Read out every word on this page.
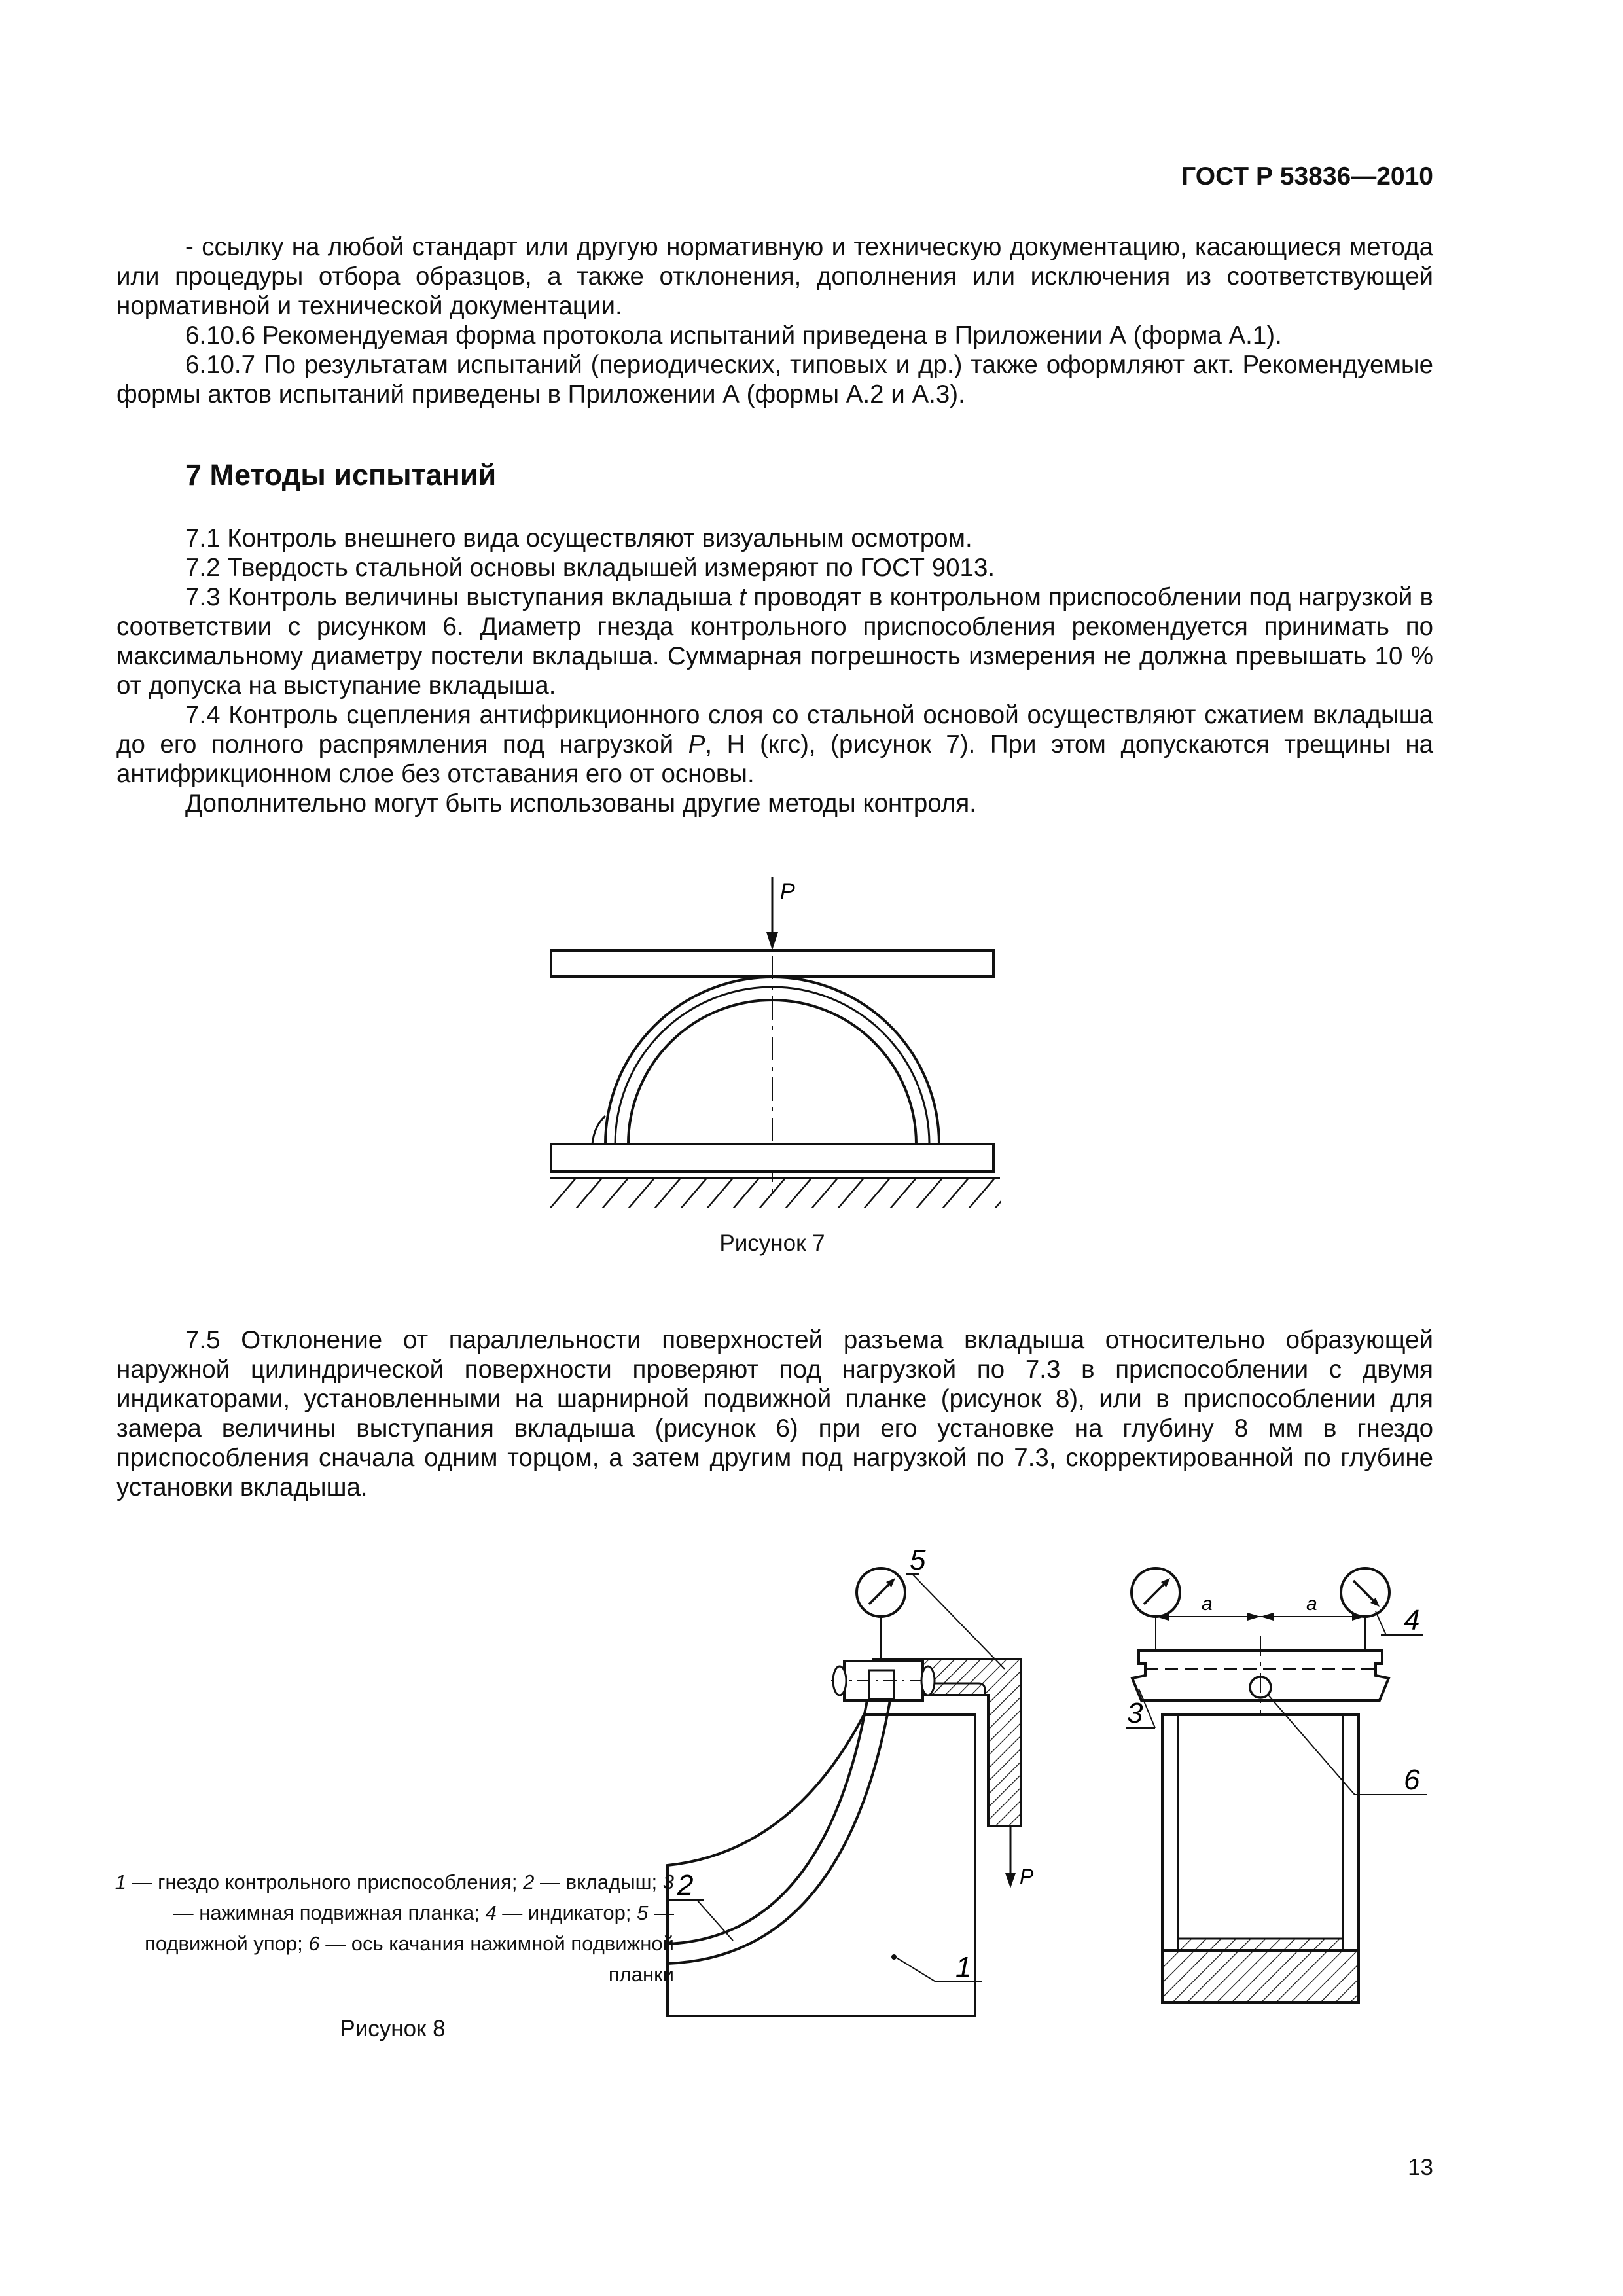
ГОСТ Р 53836—2010

- ссылку на любой стандарт или другую нормативную и техническую документацию, касающиеся метода или процедуры отбора образцов, а также отклонения, дополнения или исключения из соответствующей нормативной и технической документации.

6.10.6 Рекомендуемая форма протокола испытаний приведена в Приложении А (форма А.1).

6.10.7 По результатам испытаний (периодических, типовых и др.) также оформляют акт. Рекомендуемые формы актов испытаний приведены в Приложении А (формы А.2 и А.3).

7 Методы испытаний

7.1 Контроль внешнего вида осуществляют визуальным осмотром.

7.2 Твердость стальной основы вкладышей измеряют по ГОСТ 9013.

7.3 Контроль величины выступания вкладыша t проводят в контрольном приспособлении под нагрузкой в соответствии с рисунком 6. Диаметр гнезда контрольного приспособления рекомендуется принимать по максимальному диаметру постели вкладыша. Суммарная погрешность измерения не должна превышать 10 % от допуска на выступание вкладыша.

7.4 Контроль сцепления антифрикционного слоя со стальной основой осуществляют сжатием вкладыша до его полного распрямления под нагрузкой P, Н (кгс), (рисунок 7). При этом допускаются трещины на антифрикционном слое без отставания его от основы.

Дополнительно могут быть использованы другие методы контроля.

P
Рисунок 7

7.5 Отклонение от параллельности поверхностей разъема вкладыша относительно образующей наружной цилиндрической поверхности проверяют под нагрузкой по 7.3 в приспособлении с двумя индикаторами, установленными на шарнирной подвижной планке (рисунок 8), или в приспособлении для замера величины выступания вкладыша (рисунок 6) при его установке на глубину 8 мм в гнездо приспособления сначала одним торцом, а затем другим под нагрузкой по 7.3, скорректированной по глубине установки вкладыша.

P
5
2
1
a	a
4
3
6
1 — гнездо контрольного приспособления; 2 — вкладыш; 3 — нажимная подвижная планка; 4 — индикатор; 5 — подвижной упор; 6 — ось качания нажимной подвижной планки
Рисунок 8
13
